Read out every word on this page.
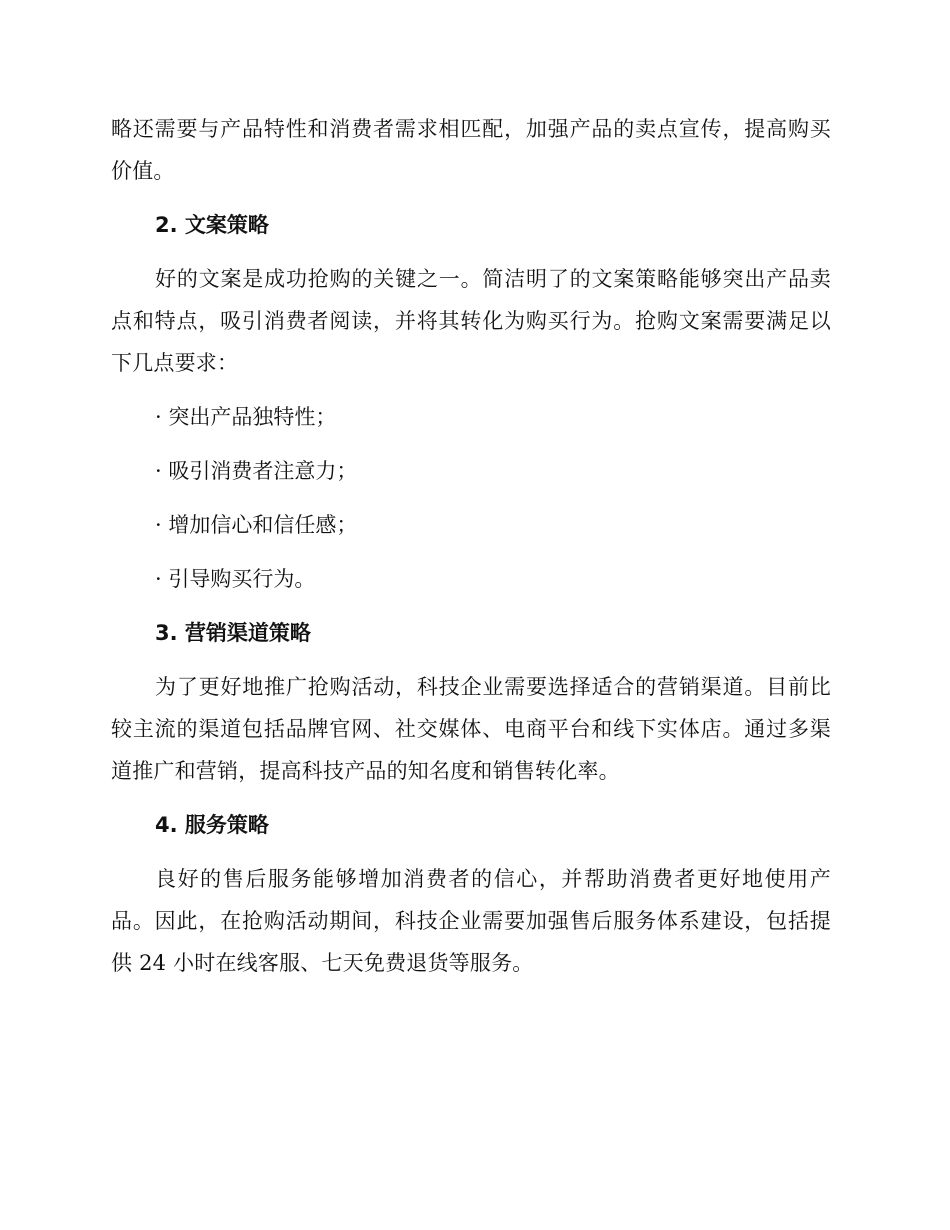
略还需要与产品特性和消费者需求相匹配，加强产品的卖点宣传，提高购买价值。

2. 文案策略

好的文案是成功抢购的关键之一。简洁明了的文案策略能够突出产品卖点和特点，吸引消费者阅读，并将其转化为购买行为。抢购文案需要满足以下几点要求：

· 突出产品独特性；
· 吸引消费者注意力；
· 增加信心和信任感；
· 引导购买行为。
3. 营销渠道策略

为了更好地推广抢购活动，科技企业需要选择适合的营销渠道。目前比较主流的渠道包括品牌官网、社交媒体、电商平台和线下实体店。通过多渠道推广和营销，提高科技产品的知名度和销售转化率。

4. 服务策略

良好的售后服务能够增加消费者的信心，并帮助消费者更好地使用产品。因此，在抢购活动期间，科技企业需要加强售后服务体系建设，包括提供 24 小时在线客服、七天免费退货等服务。
